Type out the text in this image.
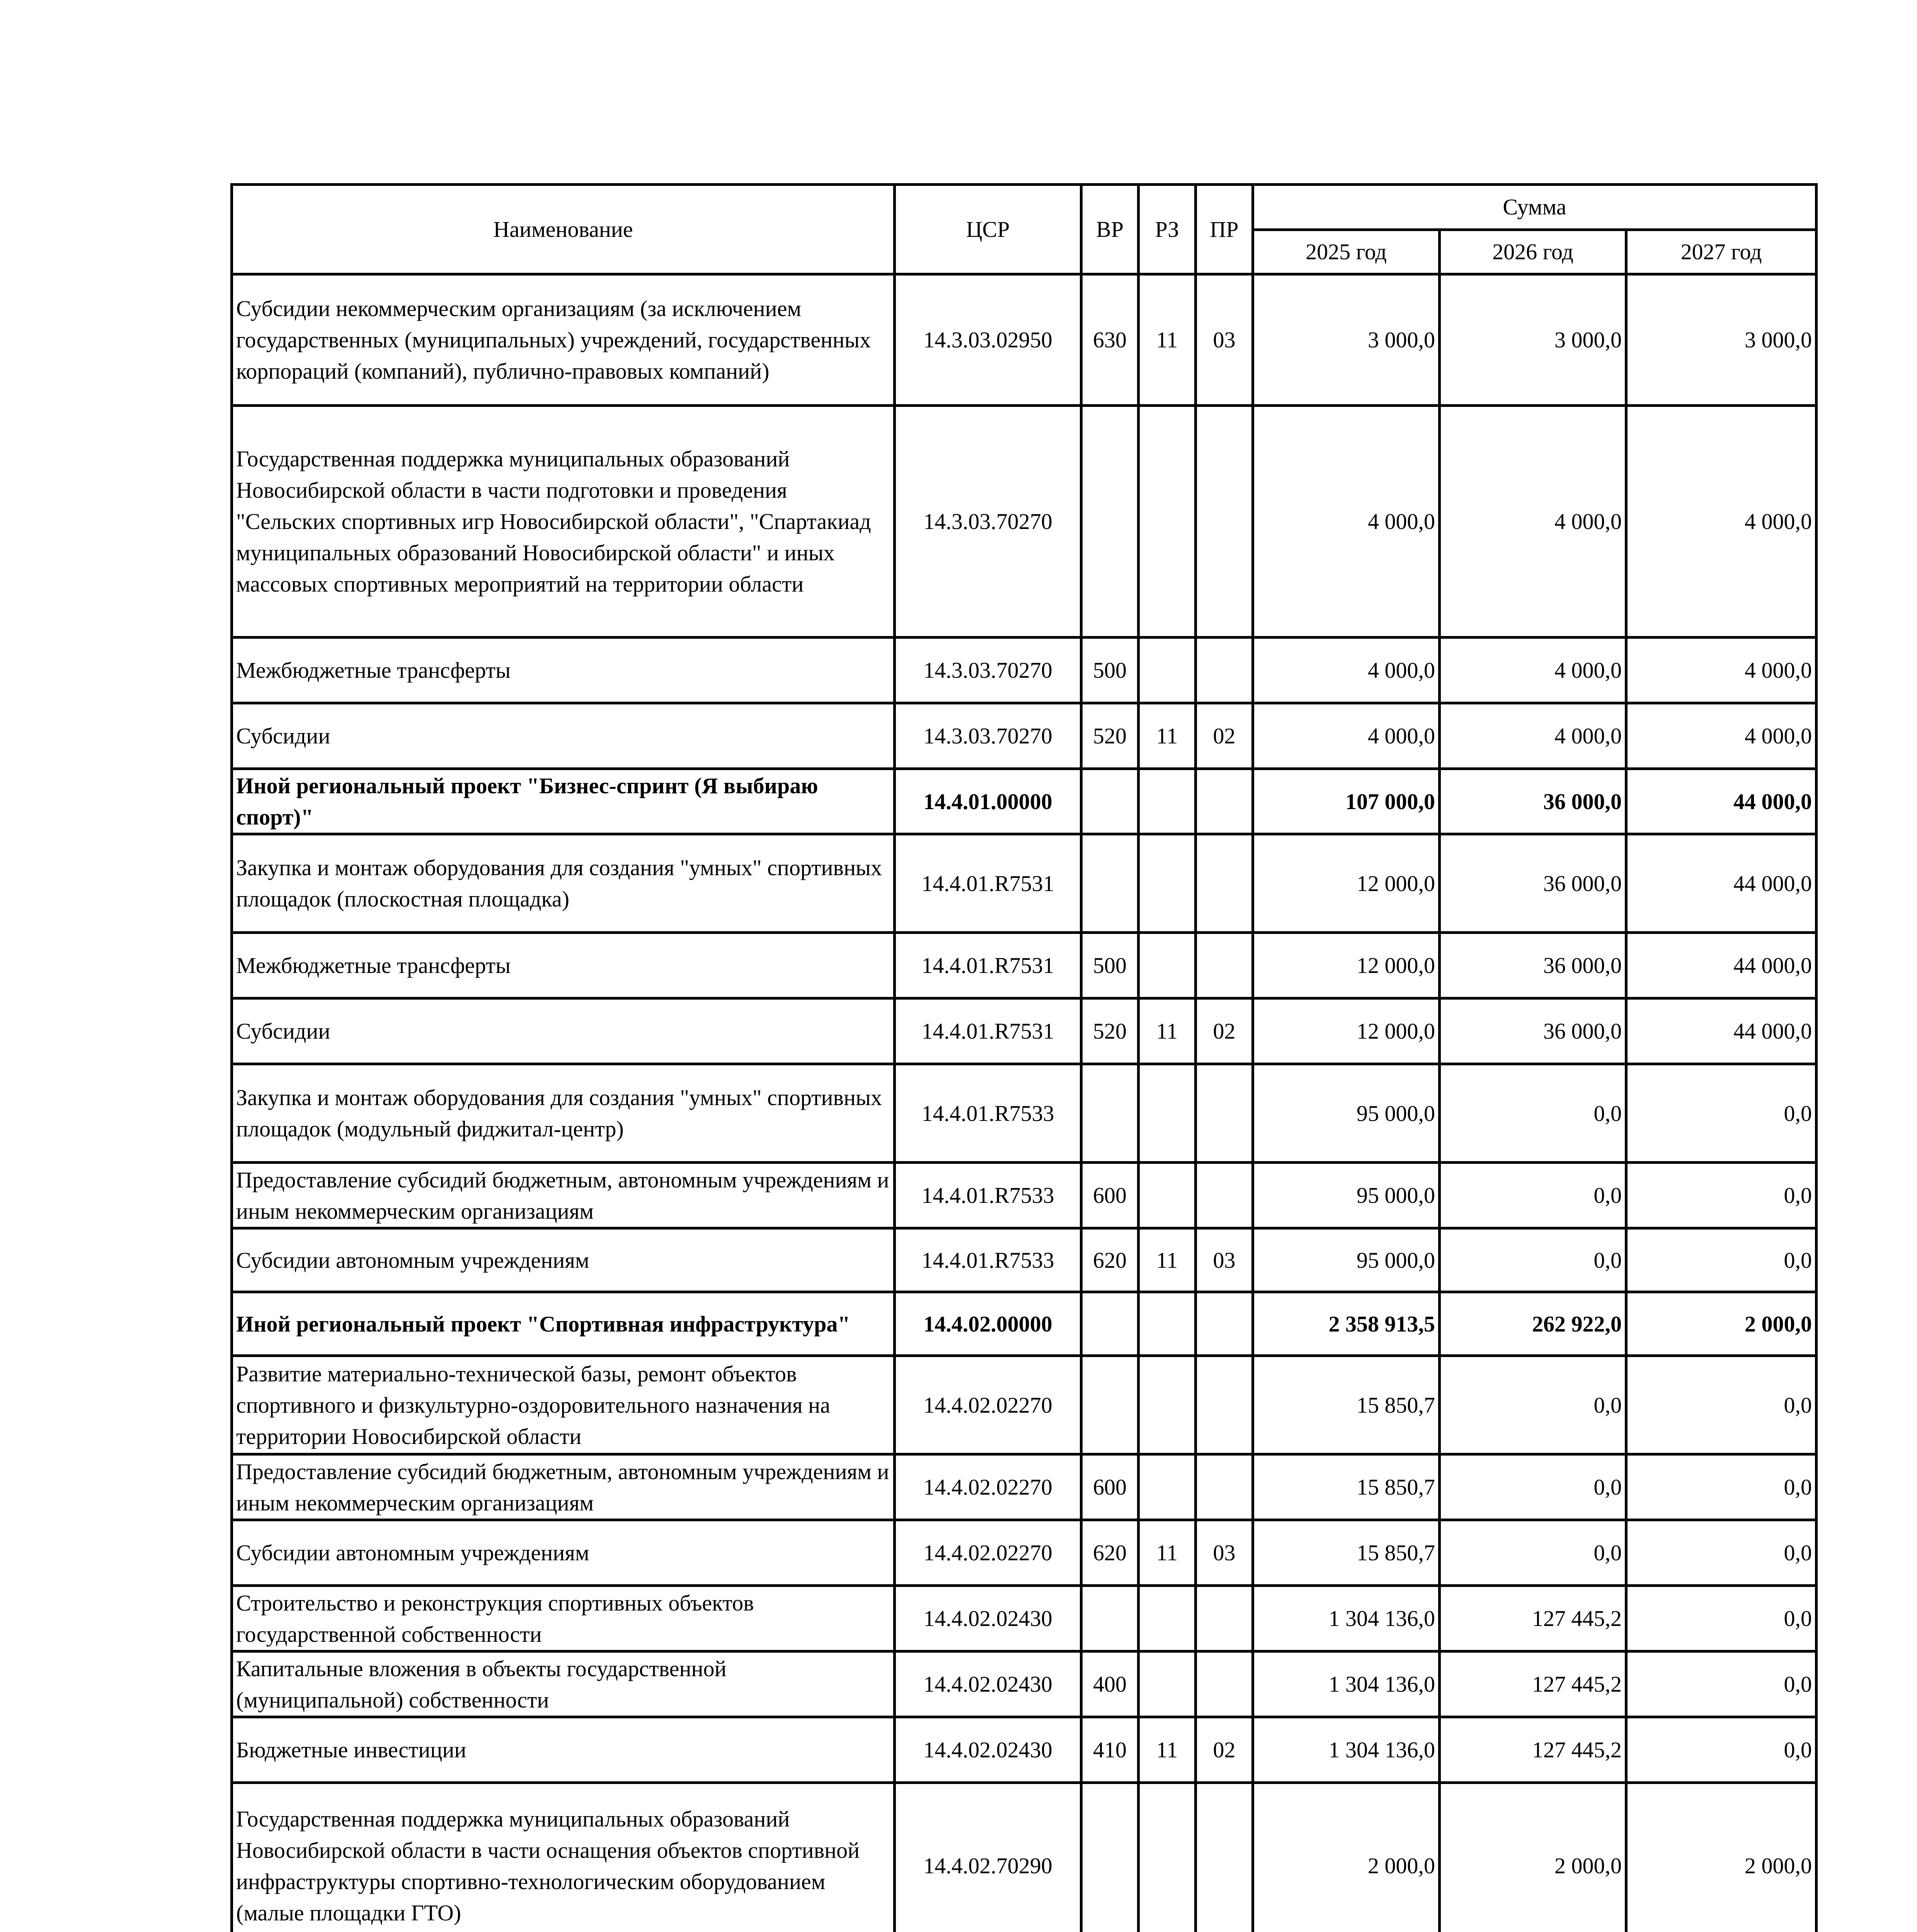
Наименование	ЦСР	ВР	РЗ	ПР	Сумма		
					2025 год	2026 год	2027 год
Субсидии некоммерческим организациям (за исключением государственных (муниципальных) учреждений, государственных корпораций (компаний), публично-правовых компаний)	14.3.03.02950	630	11	03	3 000,0	3 000,0	3 000,0
Государственная поддержка муниципальных образований Новосибирской области в части подготовки и проведения "Сельских спортивных игр Новосибирской области", "Спартакиад муниципальных образований Новосибирской области" и иных массовых спортивных мероприятий на территории области	14.3.03.70270				4 000,0	4 000,0	4 000,0
Межбюджетные трансферты	14.3.03.70270	500			4 000,0	4 000,0	4 000,0
Субсидии	14.3.03.70270	520	11	02	4 000,0	4 000,0	4 000,0
Иной региональный проект "Бизнес-спринт (Я выбираю спорт)"	14.4.01.00000				107 000,0	36 000,0	44 000,0
Закупка и монтаж оборудования для создания "умных" спортивных площадок (плоскостная площадка)	14.4.01.R7531				12 000,0	36 000,0	44 000,0
Межбюджетные трансферты	14.4.01.R7531	500			12 000,0	36 000,0	44 000,0
Субсидии	14.4.01.R7531	520	11	02	12 000,0	36 000,0	44 000,0
Закупка и монтаж оборудования для создания "умных" спортивных площадок (модульный фиджитал-центр)	14.4.01.R7533				95 000,0	0,0	0,0
Предоставление субсидий бюджетным, автономным учреждениям и иным некоммерческим организациям	14.4.01.R7533	600			95 000,0	0,0	0,0
Субсидии автономным учреждениям	14.4.01.R7533	620	11	03	95 000,0	0,0	0,0
Иной региональный проект "Спортивная инфраструктура"	14.4.02.00000				2 358 913,5	262 922,0	2 000,0
Развитие материально-технической базы, ремонт объектов спортивного и физкультурно-оздоровительного назначения на территории Новосибирской области	14.4.02.02270				15 850,7	0,0	0,0
Предоставление субсидий бюджетным, автономным учреждениям и иным некоммерческим организациям	14.4.02.02270	600			15 850,7	0,0	0,0
Субсидии автономным учреждениям	14.4.02.02270	620	11	03	15 850,7	0,0	0,0
Строительство и реконструкция спортивных объектов государственной собственности	14.4.02.02430				1 304 136,0	127 445,2	0,0
Капитальные вложения в объекты государственной (муниципальной) собственности	14.4.02.02430	400			1 304 136,0	127 445,2	0,0
Бюджетные инвестиции	14.4.02.02430	410	11	02	1 304 136,0	127 445,2	0,0
Государственная поддержка муниципальных образований Новосибирской области в части оснащения объектов спортивной инфраструктуры спортивно-технологическим оборудованием (малые площадки ГТО)	14.4.02.70290				2 000,0	2 000,0	2 000,0
